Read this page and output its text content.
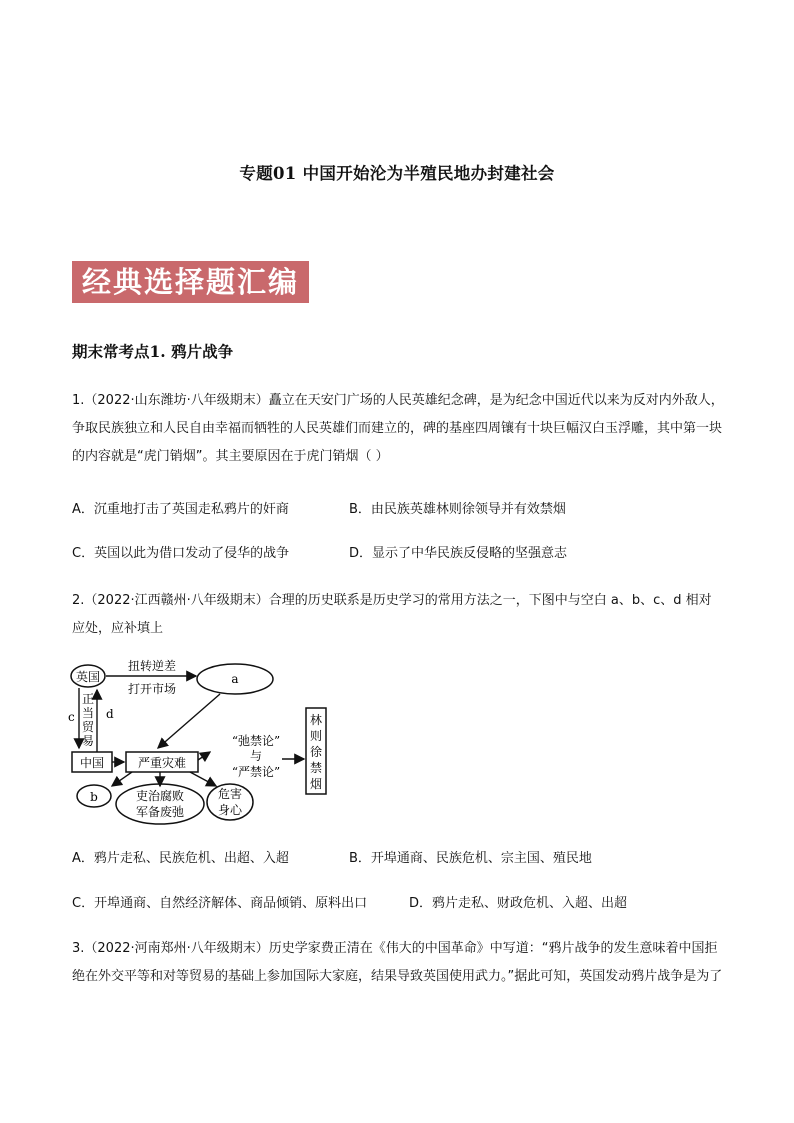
专题01 中国开始沦为半殖民地办封建社会
经典选择题汇编
期末常考点1. 鸦片战争
1.（2022·山东潍坊·八年级期末）矗立在天安门广场的人民英雄纪念碑，是为纪念中国近代以来为反对内外敌人，争取民族独立和人民自由幸福而牺牲的人民英雄们而建立的，碑的基座四周镶有十块巨幅汉白玉浮雕，其中第一块的内容就是“虎门销烟”。其主要原因在于虎门销烟（ ）
A．沉重地打击了英国走私鸦片的奸商	B．由民族英雄林则徐领导并有效禁烟
C．英国以此为借口发动了侵华的战争	D．显示了中华民族反侵略的坚强意志
2.（2022·江西赣州·八年级期末）合理的历史联系是历史学习的常用方法之一，下图中与空白 a、b、c、d 相对应处，应补填上
英国
扭转逆差
打开市场
a
c	d
正
当
贸
易
中国	严重灾难
“弛禁论”
与
“严禁论”
林
则
徐
禁
烟
b	吏治腐败
军备废弛
危害
身心
A．鸦片走私、民族危机、出超、入超	B．开埠通商、民族危机、宗主国、殖民地
C．开埠通商、自然经济解体、商品倾销、原料出口	D．鸦片走私、财政危机、入超、出超
3.（2022·河南郑州·八年级期末）历史学家费正清在《伟大的中国革命》中写道：“鸦片战争的发生意味着中国拒绝在外交平等和对等贸易的基础上参加国际大家庭，结果导致英国使用武力。”据此可知，英国发动鸦片战争是为了
